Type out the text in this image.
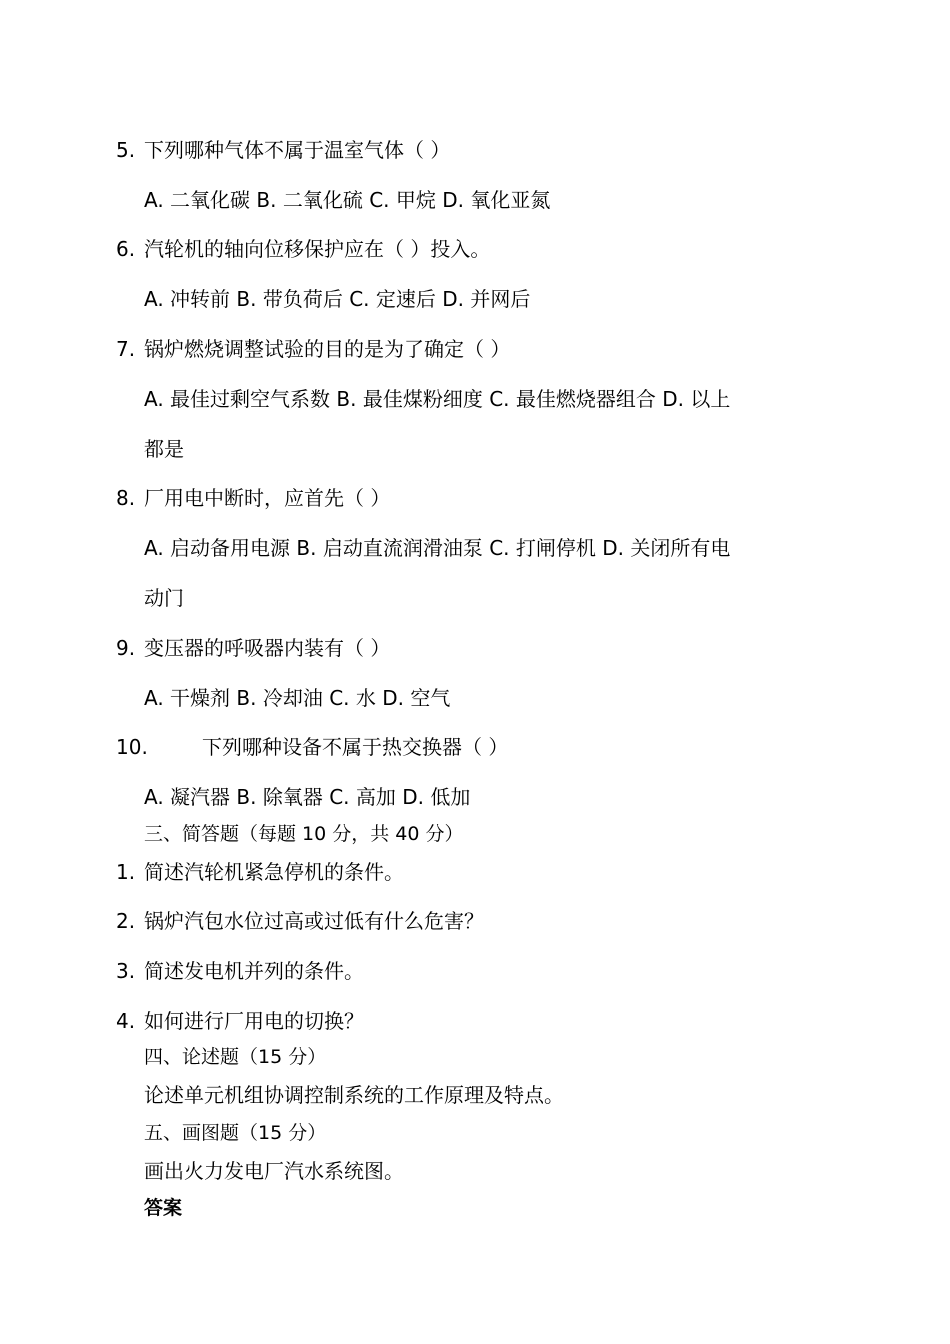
5. 下列哪种气体不属于温室气体（ ）
A. 二氧化碳 B. 二氧化硫 C. 甲烷 D. 氧化亚氮
6. 汽轮机的轴向位移保护应在（ ）投入。
A. 冲转前 B. 带负荷后 C. 定速后 D. 并网后
7. 锅炉燃烧调整试验的目的是为了确定（ ）
A. 最佳过剩空气系数 B. 最佳煤粉细度 C. 最佳燃烧器组合 D. 以上
都是
8. 厂用电中断时，应首先（ ）
A. 启动备用电源 B. 启动直流润滑油泵 C. 打闸停机 D. 关闭所有电
动门
9. 变压器的呼吸器内装有（ ）
A. 干燥剂 B. 冷却油 C. 水 D. 空气
10.	下列哪种设备不属于热交换器（ ）
A. 凝汽器 B. 除氧器 C. 高加 D. 低加
三、简答题（每题 10 分，共 40 分）
1. 简述汽轮机紧急停机的条件。
2. 锅炉汽包水位过高或过低有什么危害？
3. 简述发电机并列的条件。
4. 如何进行厂用电的切换？
四、论述题（15 分）
论述单元机组协调控制系统的工作原理及特点。
五、画图题（15 分）
画出火力发电厂汽水系统图。
答案
